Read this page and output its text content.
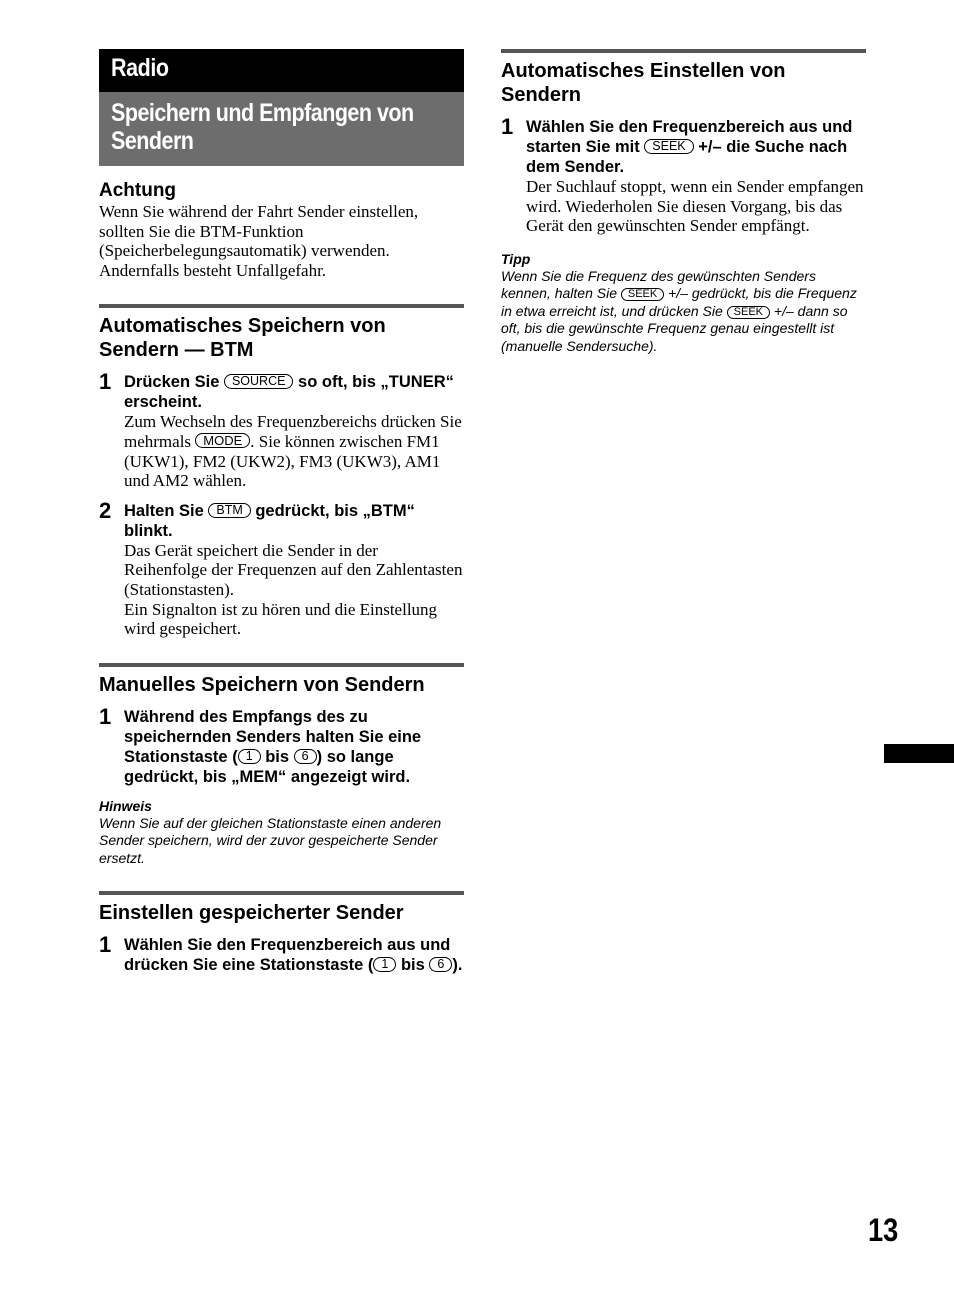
Radio
Speichern und Empfangen von Sendern
Achtung
Wenn Sie während der Fahrt Sender einstellen, sollten Sie die BTM-Funktion (Speicherbelegungsautomatik) verwenden. Andernfalls besteht Unfallgefahr.
Automatisches Speichern von Sendern — BTM
1 Drücken Sie SOURCE so oft, bis „TUNER“ erscheint.
Zum Wechseln des Frequenzbereichs drücken Sie mehrmals MODE . Sie können zwischen FM1 (UKW1), FM2 (UKW2), FM3 (UKW3), AM1 und AM2 wählen.
2 Halten Sie BTM gedrückt, bis „BTM“ blinkt.
Das Gerät speichert die Sender in der Reihenfolge der Frequenzen auf den Zahlentasten (Stationstasten).
Ein Signalton ist zu hören und die Einstellung wird gespeichert.
Manuelles Speichern von Sendern
1 Während des Empfangs des zu speichernden Senders halten Sie eine Stationstaste ( 1 bis 6 ) so lange gedrückt, bis „MEM“ angezeigt wird.
Hinweis
Wenn Sie auf der gleichen Stationstaste einen anderen Sender speichern, wird der zuvor gespeicherte Sender ersetzt.
Einstellen gespeicherter Sender
1 Wählen Sie den Frequenzbereich aus und drücken Sie eine Stationstaste ( 1 bis 6 ).
Automatisches Einstellen von Sendern
1 Wählen Sie den Frequenzbereich aus und starten Sie mit SEEK +/– die Suche nach dem Sender.
Der Suchlauf stoppt, wenn ein Sender empfangen wird. Wiederholen Sie diesen Vorgang, bis das Gerät den gewünschten Sender empfängt.
Tipp
Wenn Sie die Frequenz des gewünschten Senders kennen, halten Sie SEEK +/– gedrückt, bis die Frequenz in etwa erreicht ist, und drücken Sie SEEK +/– dann so oft, bis die gewünschte Frequenz genau eingestellt ist (manuelle Sendersuche).
13
